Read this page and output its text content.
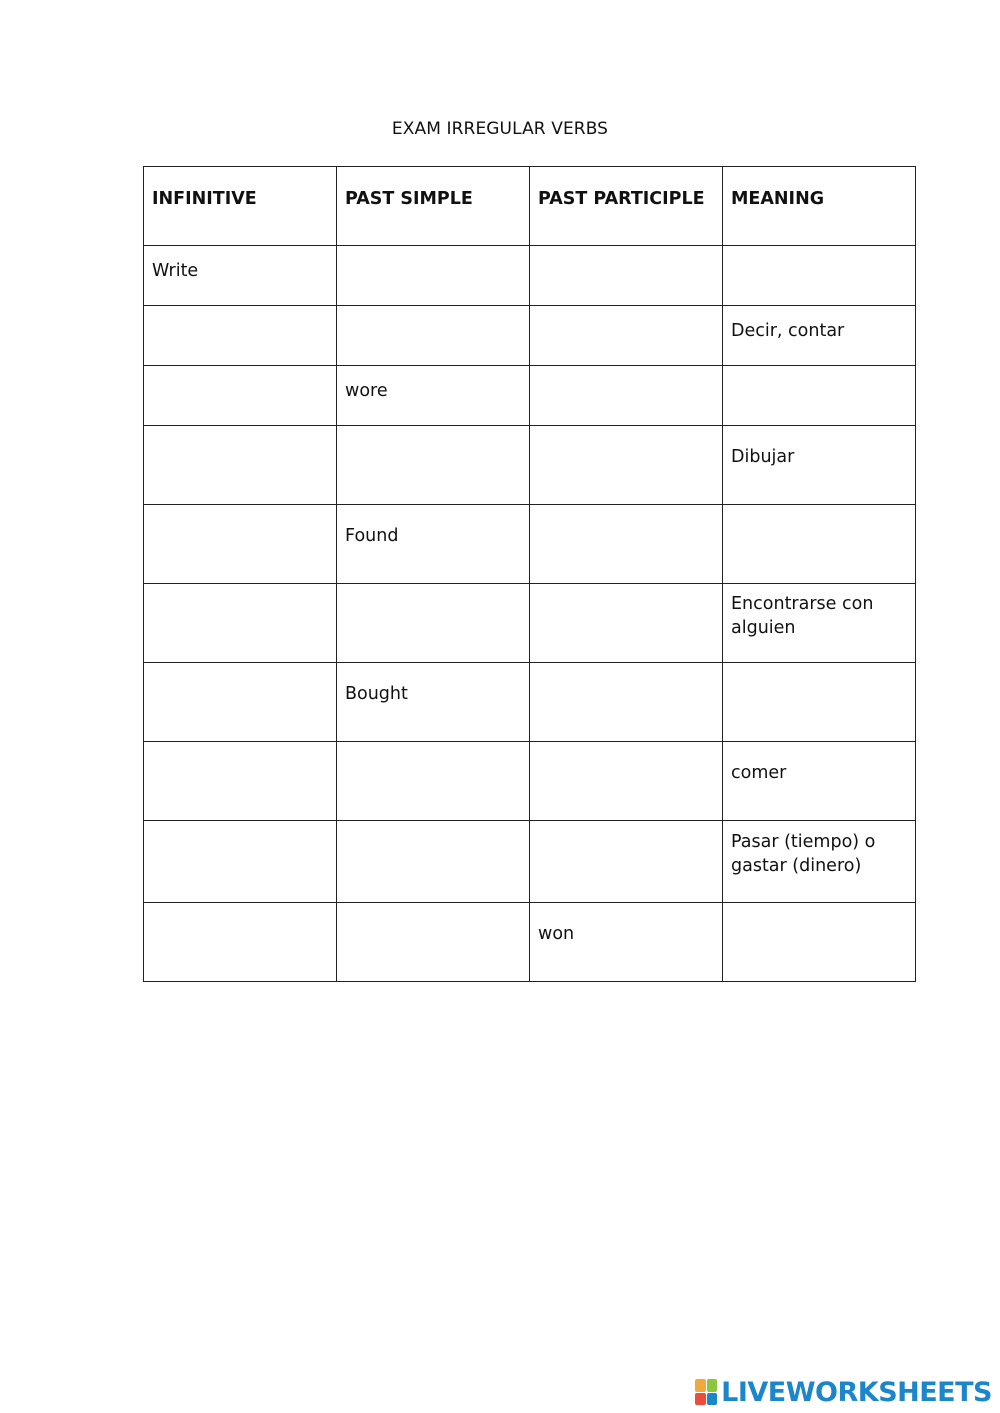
EXAM IRREGULAR VERBS
INFINITIVE	PAST SIMPLE	PAST PARTICIPLE	MEANING
Write			
			Decir, contar
	wore		
			Dibujar
	Found		
			Encontrarse con alguien
	Bought		
			comer
			Pasar (tiempo) o gastar (dinero)
		won	
LIVEWORKSHEETS
